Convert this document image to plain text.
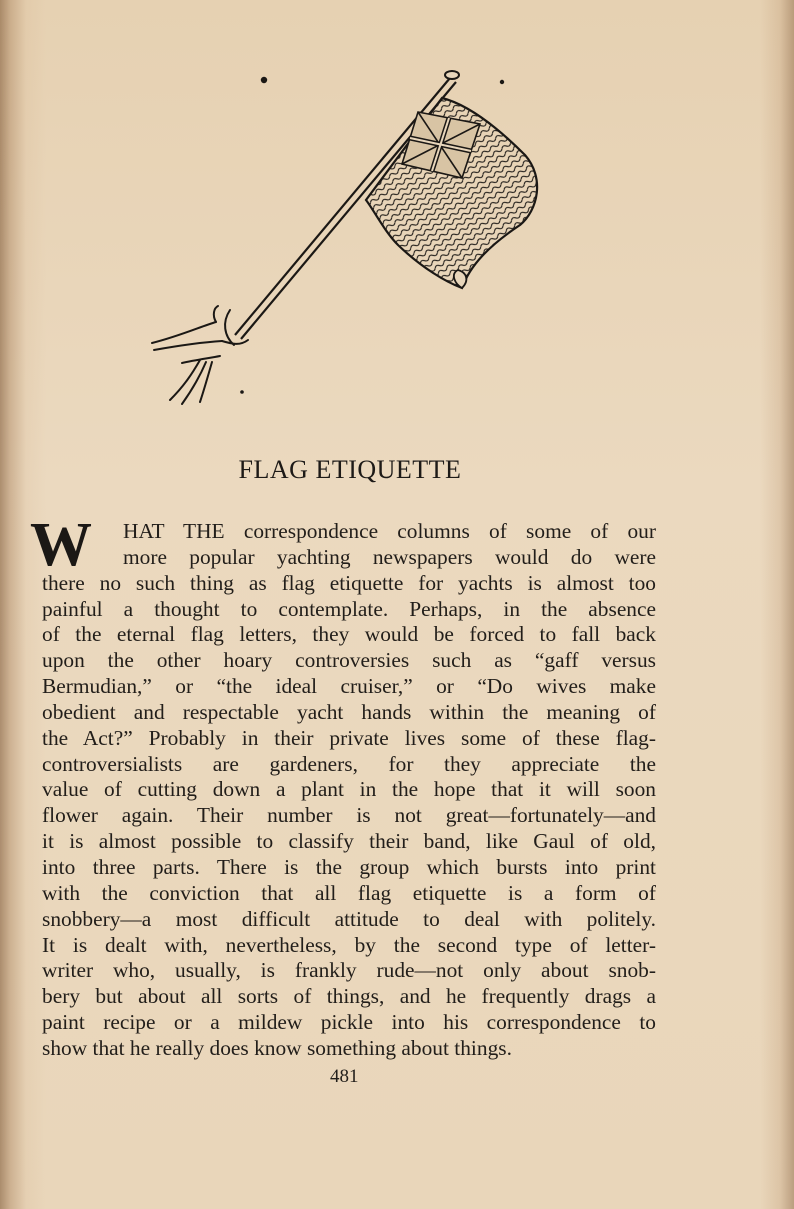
FLAG ETIQUETTE
W HAT THE correspondence columns of some of our
more popular yachting newspapers would do were
there no such thing as flag etiquette for yachts is almost too
painful a thought to contemplate. Perhaps, in the absence
of the eternal flag letters, they would be forced to fall back
upon the other hoary controversies such as “gaff versus
Bermudian,” or “the ideal cruiser,” or “Do wives make
obedient and respectable yacht hands within the meaning of
the Act?” Probably in their private lives some of these flag-
controversialists are gardeners, for they appreciate the
value of cutting down a plant in the hope that it will soon
flower again. Their number is not great—fortunately—and
it is almost possible to classify their band, like Gaul of old,
into three parts. There is the group which bursts into print
with the conviction that all flag etiquette is a form of
snobbery—a most difficult attitude to deal with politely.
It is dealt with, nevertheless, by the second type of letter-
writer who, usually, is frankly rude—not only about snob-
bery but about all sorts of things, and he frequently drags a
paint recipe or a mildew pickle into his correspondence to
show that he really does know something about things.
481
